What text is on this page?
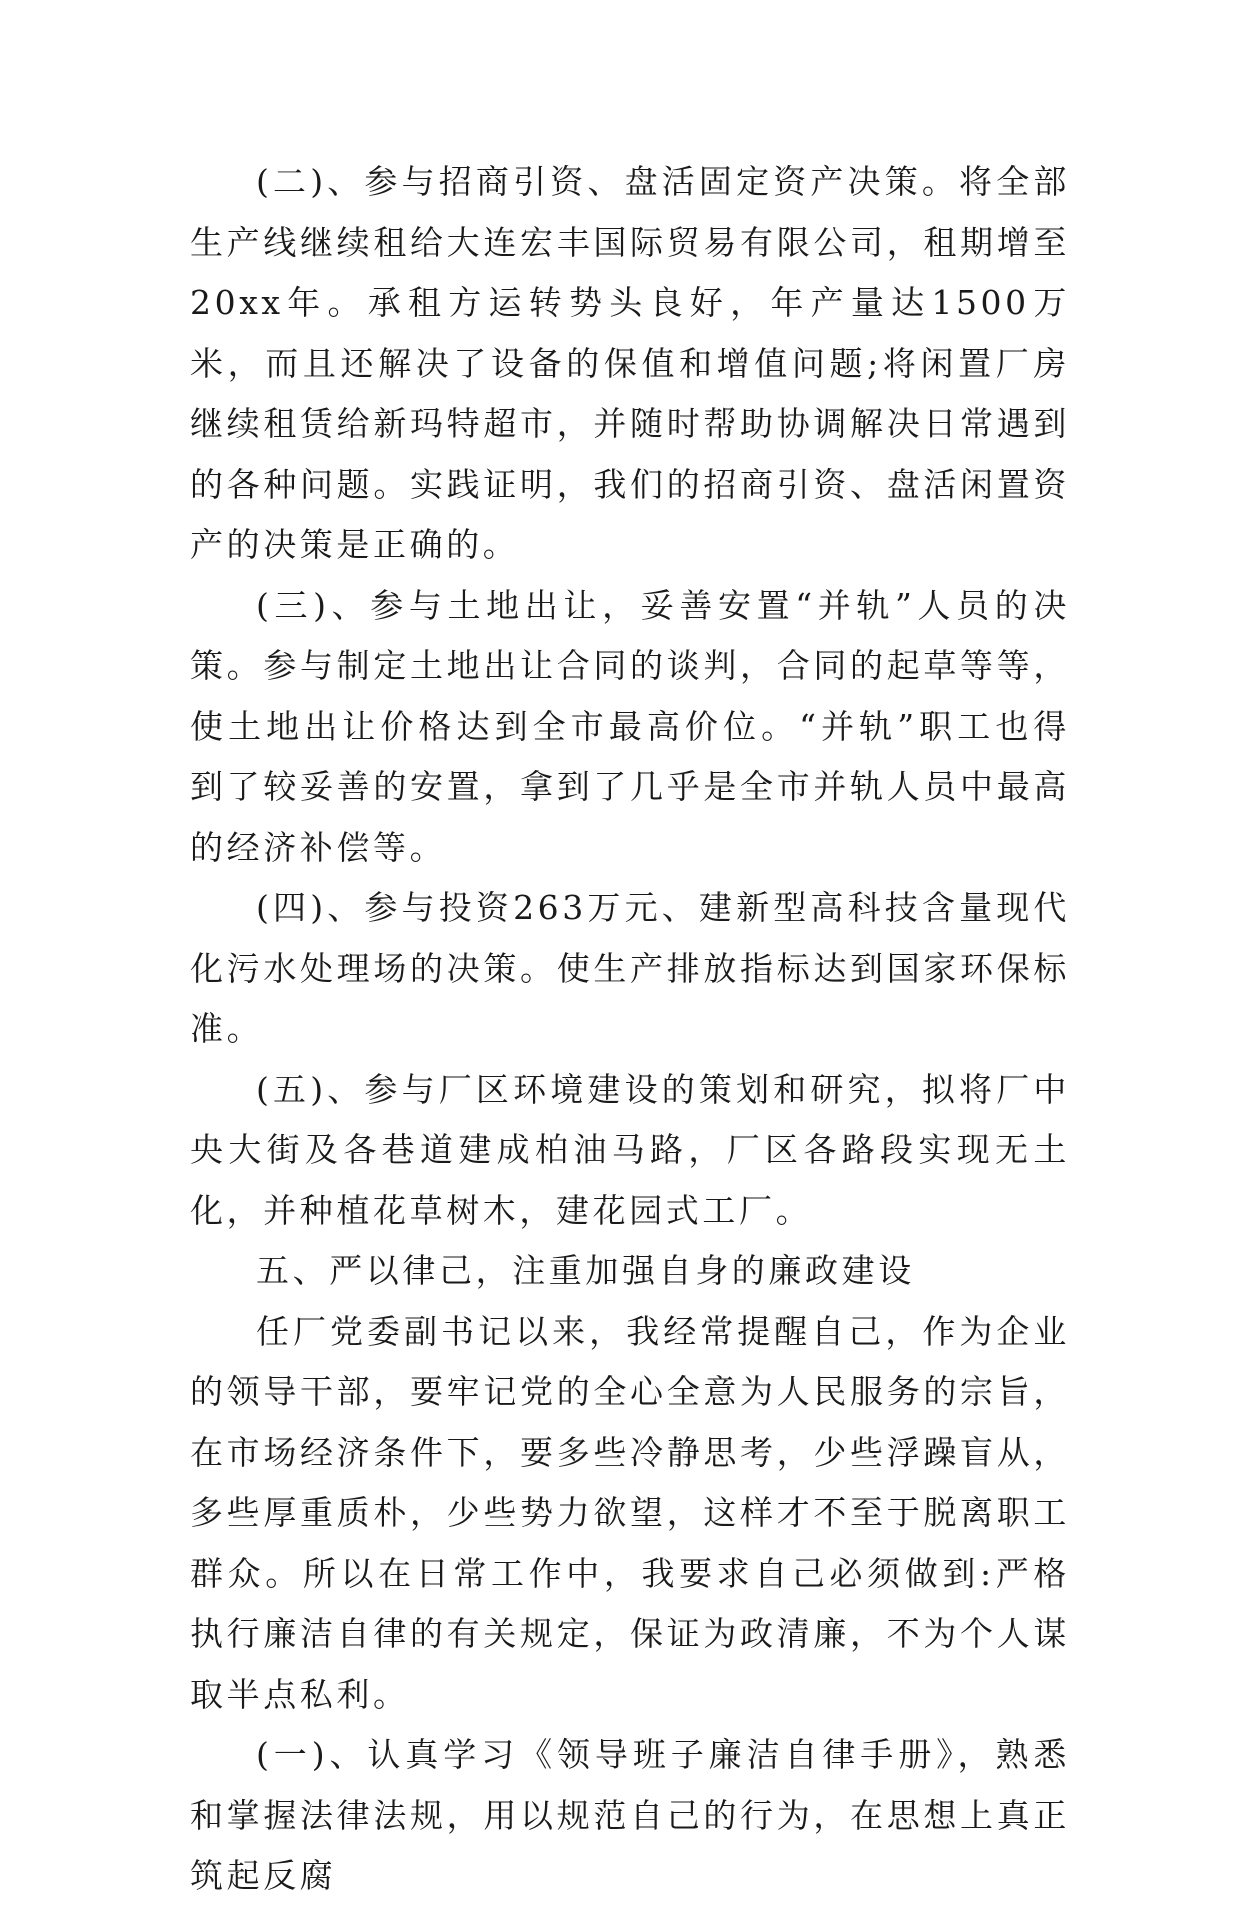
(二)、参与招商引资、盘活固定资产决策。将全部生产线继续租给大连宏丰国际贸易有限公司，租期增至20xx年。承租方运转势头良好，年产量达1500万米，而且还解决了设备的保值和增值问题;将闲置厂房继续租赁给新玛特超市，并随时帮助协调解决日常遇到的各种问题。实践证明，我们的招商引资、盘活闲置资产的决策是正确的。

(三)、参与土地出让，妥善安置“并轨”人员的决策。参与制定土地出让合同的谈判，合同的起草等等，使土地出让价格达到全市最高价位。“并轨”职工也得到了较妥善的安置，拿到了几乎是全市并轨人员中最高的经济补偿等。

(四)、参与投资263万元、建新型高科技含量现代化污水处理场的决策。使生产排放指标达到国家环保标准。

(五)、参与厂区环境建设的策划和研究，拟将厂中央大街及各巷道建成柏油马路，厂区各路段实现无土化，并种植花草树木，建花园式工厂。

五、严以律己，注重加强自身的廉政建设

任厂党委副书记以来，我经常提醒自己，作为企业的领导干部，要牢记党的全心全意为人民服务的宗旨，在市场经济条件下，要多些冷静思考，少些浮躁盲从，多些厚重质朴，少些势力欲望，这样才不至于脱离职工群众。所以在日常工作中，我要求自己必须做到:严格执行廉洁自律的有关规定，保证为政清廉，不为个人谋取半点私利。

(一)、认真学习《领导班子廉洁自律手册》，熟悉和掌握法律法规，用以规范自己的行为，在思想上真正筑起反腐
